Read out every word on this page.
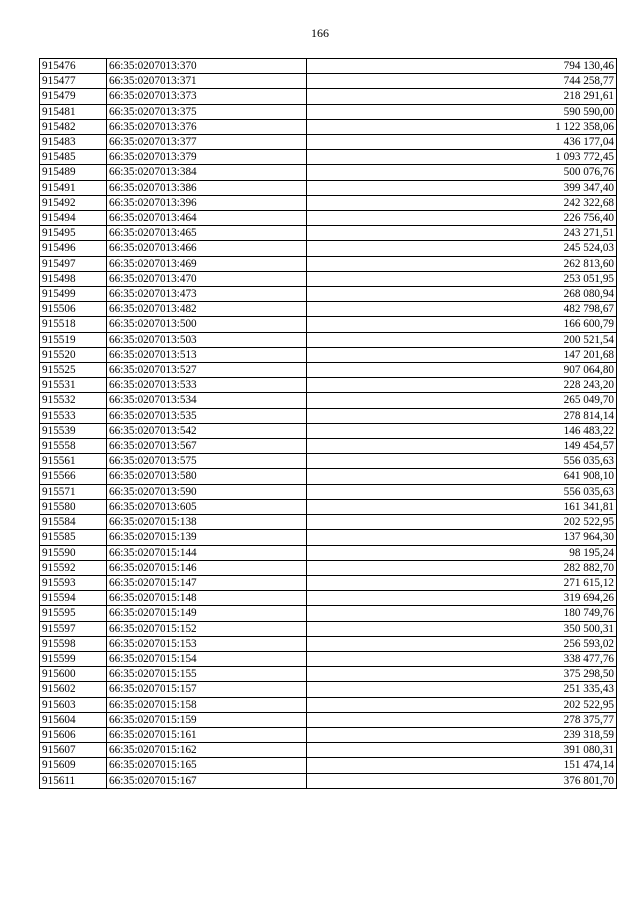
166
915476	66:35:0207013:370	794 130,46
915477	66:35:0207013:371	744 258,77
915479	66:35:0207013:373	218 291,61
915481	66:35:0207013:375	590 590,00
915482	66:35:0207013:376	1 122 358,06
915483	66:35:0207013:377	436 177,04
915485	66:35:0207013:379	1 093 772,45
915489	66:35:0207013:384	500 076,76
915491	66:35:0207013:386	399 347,40
915492	66:35:0207013:396	242 322,68
915494	66:35:0207013:464	226 756,40
915495	66:35:0207013:465	243 271,51
915496	66:35:0207013:466	245 524,03
915497	66:35:0207013:469	262 813,60
915498	66:35:0207013:470	253 051,95
915499	66:35:0207013:473	268 080,94
915506	66:35:0207013:482	482 798,67
915518	66:35:0207013:500	166 600,79
915519	66:35:0207013:503	200 521,54
915520	66:35:0207013:513	147 201,68
915525	66:35:0207013:527	907 064,80
915531	66:35:0207013:533	228 243,20
915532	66:35:0207013:534	265 049,70
915533	66:35:0207013:535	278 814,14
915539	66:35:0207013:542	146 483,22
915558	66:35:0207013:567	149 454,57
915561	66:35:0207013:575	556 035,63
915566	66:35:0207013:580	641 908,10
915571	66:35:0207013:590	556 035,63
915580	66:35:0207013:605	161 341,81
915584	66:35:0207015:138	202 522,95
915585	66:35:0207015:139	137 964,30
915590	66:35:0207015:144	98 195,24
915592	66:35:0207015:146	282 882,70
915593	66:35:0207015:147	271 615,12
915594	66:35:0207015:148	319 694,26
915595	66:35:0207015:149	180 749,76
915597	66:35:0207015:152	350 500,31
915598	66:35:0207015:153	256 593,02
915599	66:35:0207015:154	338 477,76
915600	66:35:0207015:155	375 298,50
915602	66:35:0207015:157	251 335,43
915603	66:35:0207015:158	202 522,95
915604	66:35:0207015:159	278 375,77
915606	66:35:0207015:161	239 318,59
915607	66:35:0207015:162	391 080,31
915609	66:35:0207015:165	151 474,14
915611	66:35:0207015:167	376 801,70
